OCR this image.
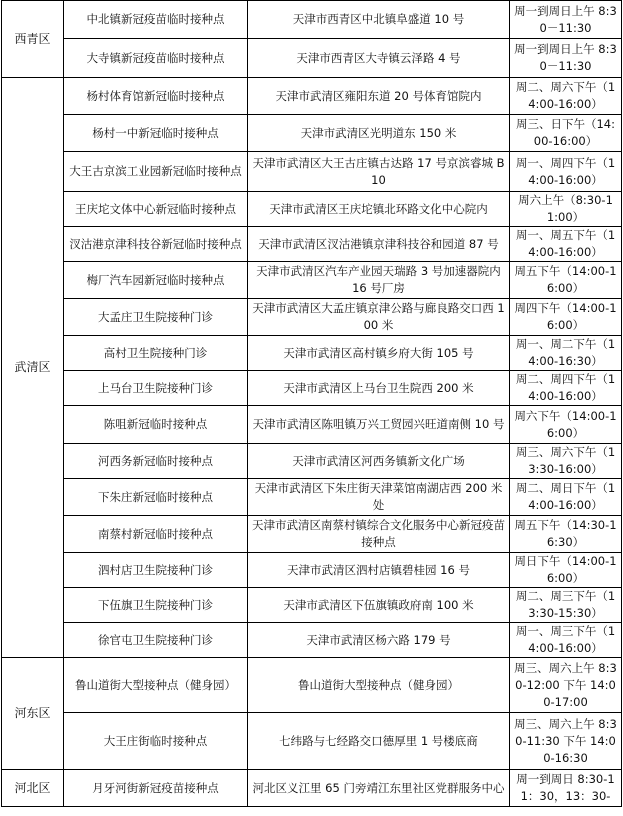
西青区	中北镇新冠疫苗临时接种点	天津市西青区中北镇阜盛道 10 号	周一到周日上午 8:30－11:30
	大寺镇新冠疫苗临时接种点	天津市西青区大寺镇云泽路 4 号	周一到周日上午 8:30－11:30
武清区	杨村体育馆新冠临时接种点	天津市武清区雍阳东道 20 号体育馆院内	周二、周六下午（14:00-16:00）
	杨村一中新冠临时接种点	天津市武清区光明道东 150 米	周三、日下午（14:00-16:00）
	大王古京滨工业园新冠临时接种点	天津市武清区大王古庄镇古达路 17 号京滨睿城 B10	周一、周四下午（14:00-16:00）
	王庆坨文体中心新冠临时接种点	天津市武清区王庆坨镇北环路文化中心院内	周六上午（8:30-11:00）
	汊沽港京津科技谷新冠临时接种点	天津市武清区汊沽港镇京津科技谷和园道 87 号	周一、周五下午（14:00-16:00）
	梅厂汽车园新冠临时接种点	天津市武清区汽车产业园天瑞路 3 号加速器院内 16 号厂房	周五下午（14:00-16:00）
	大孟庄卫生院接种门诊	天津市武清区大孟庄镇京津公路与廊良路交口西 100 米	周四下午（14:00-16:00）
	高村卫生院接种门诊	天津市武清区高村镇乡府大街 105 号	周一、周二下午（14:00-16:30）
	上马台卫生院接种门诊	天津市武清区上马台卫生院西 200 米	周二、周四下午（14:00-16:00）
	陈咀新冠临时接种点	天津市武清区陈咀镇万兴工贸园兴旺道南侧 10 号	周六下午（14:00-16:00）
	河西务新冠临时接种点	天津市武清区河西务镇新文化广场	周三、周六下午（13:30-16:00）
	下朱庄新冠临时接种点	天津市武清区下朱庄街天津菜馆南湖店西 200 米处	周二、周日下午（14:00-16:00）
	南蔡村新冠临时接种点	天津市武清区南蔡村镇综合文化服务中心新冠疫苗接种点	周五下午（14:30-16:30）
	泗村店卫生院接种门诊	天津市武清区泗村店镇碧桂园 16 号	周日下午（14:00-16:00）
	下伍旗卫生院接种门诊	天津市武清区下伍旗镇政府南 100 米	周二、周三下午（13:30-15:30）
	徐官屯卫生院接种门诊	天津市武清区杨六路 179 号	周一、周三下午（14:00-16:00）
河东区	鲁山道街大型接种点（健身园）	鲁山道街大型接种点（健身园）	周三、周六上午 8:30-12:00 下午 14:00-17:00
	大王庄街临时接种点	七纬路与七经路交口德厚里 1 号楼底商	周三、周六上午 8:30-11:30 下午 14:00-16:30
河北区	月牙河街新冠疫苗接种点	河北区义江里 65 门旁靖江东里社区党群服务中心	周一到周日 8:30-11：30，13：30-
